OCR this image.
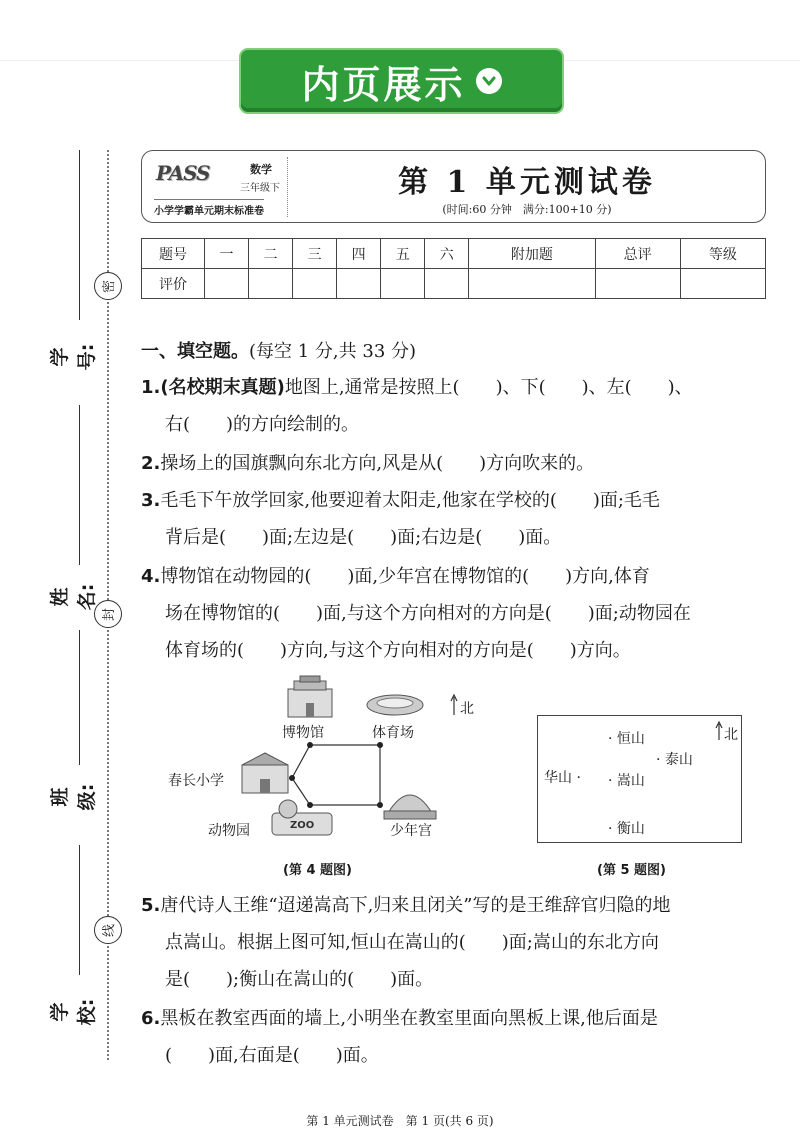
内页展示
密
封
线
学号:
姓名:
班级:
学校:
PASS	数学
三年级下
小学学霸单元期末标准卷
第 1 单元测试卷
(时间:60 分钟　满分:100+10 分)
题号	一	二	三	四	五	六	附加题	总评	等级
评价									
一、填空题。(每空 1 分,共 33 分)
1.(名校期末真题)地图上,通常是按照上(　　)、下(　　)、左(　　)、
右(　　)的方向绘制的。
2.操场上的国旗飘向东北方向,风是从(　　)方向吹来的。
3.毛毛下午放学回家,他要迎着太阳走,他家在学校的(　　)面;毛毛
背后是(　　)面;左边是(　　)面;右边是(　　)面。
4.博物馆在动物园的(　　)面,少年宫在博物馆的(　　)方向,体育
场在博物馆的(　　)面,与这个方向相对的方向是(　　)面;动物园在
体育场的(　　)方向,与这个方向相对的方向是(　　)方向。
ZOO
博物馆	体育场
北
春长小学
动物园	少年宫
(第 4 题图)
北
· 恒山
· 泰山
华山 · · 嵩山
· 衡山
(第 5 题图)
5.唐代诗人王维“迢递嵩高下,归来且闭关”写的是王维辞官归隐的地
点嵩山。根据上图可知,恒山在嵩山的(　　)面;嵩山的东北方向
是(　　);衡山在嵩山的(　　)面。
6.黑板在教室西面的墙上,小明坐在教室里面向黑板上课,他后面是
(　　)面,右面是(　　)面。
第 1 单元测试卷　第 1 页(共 6 页)
